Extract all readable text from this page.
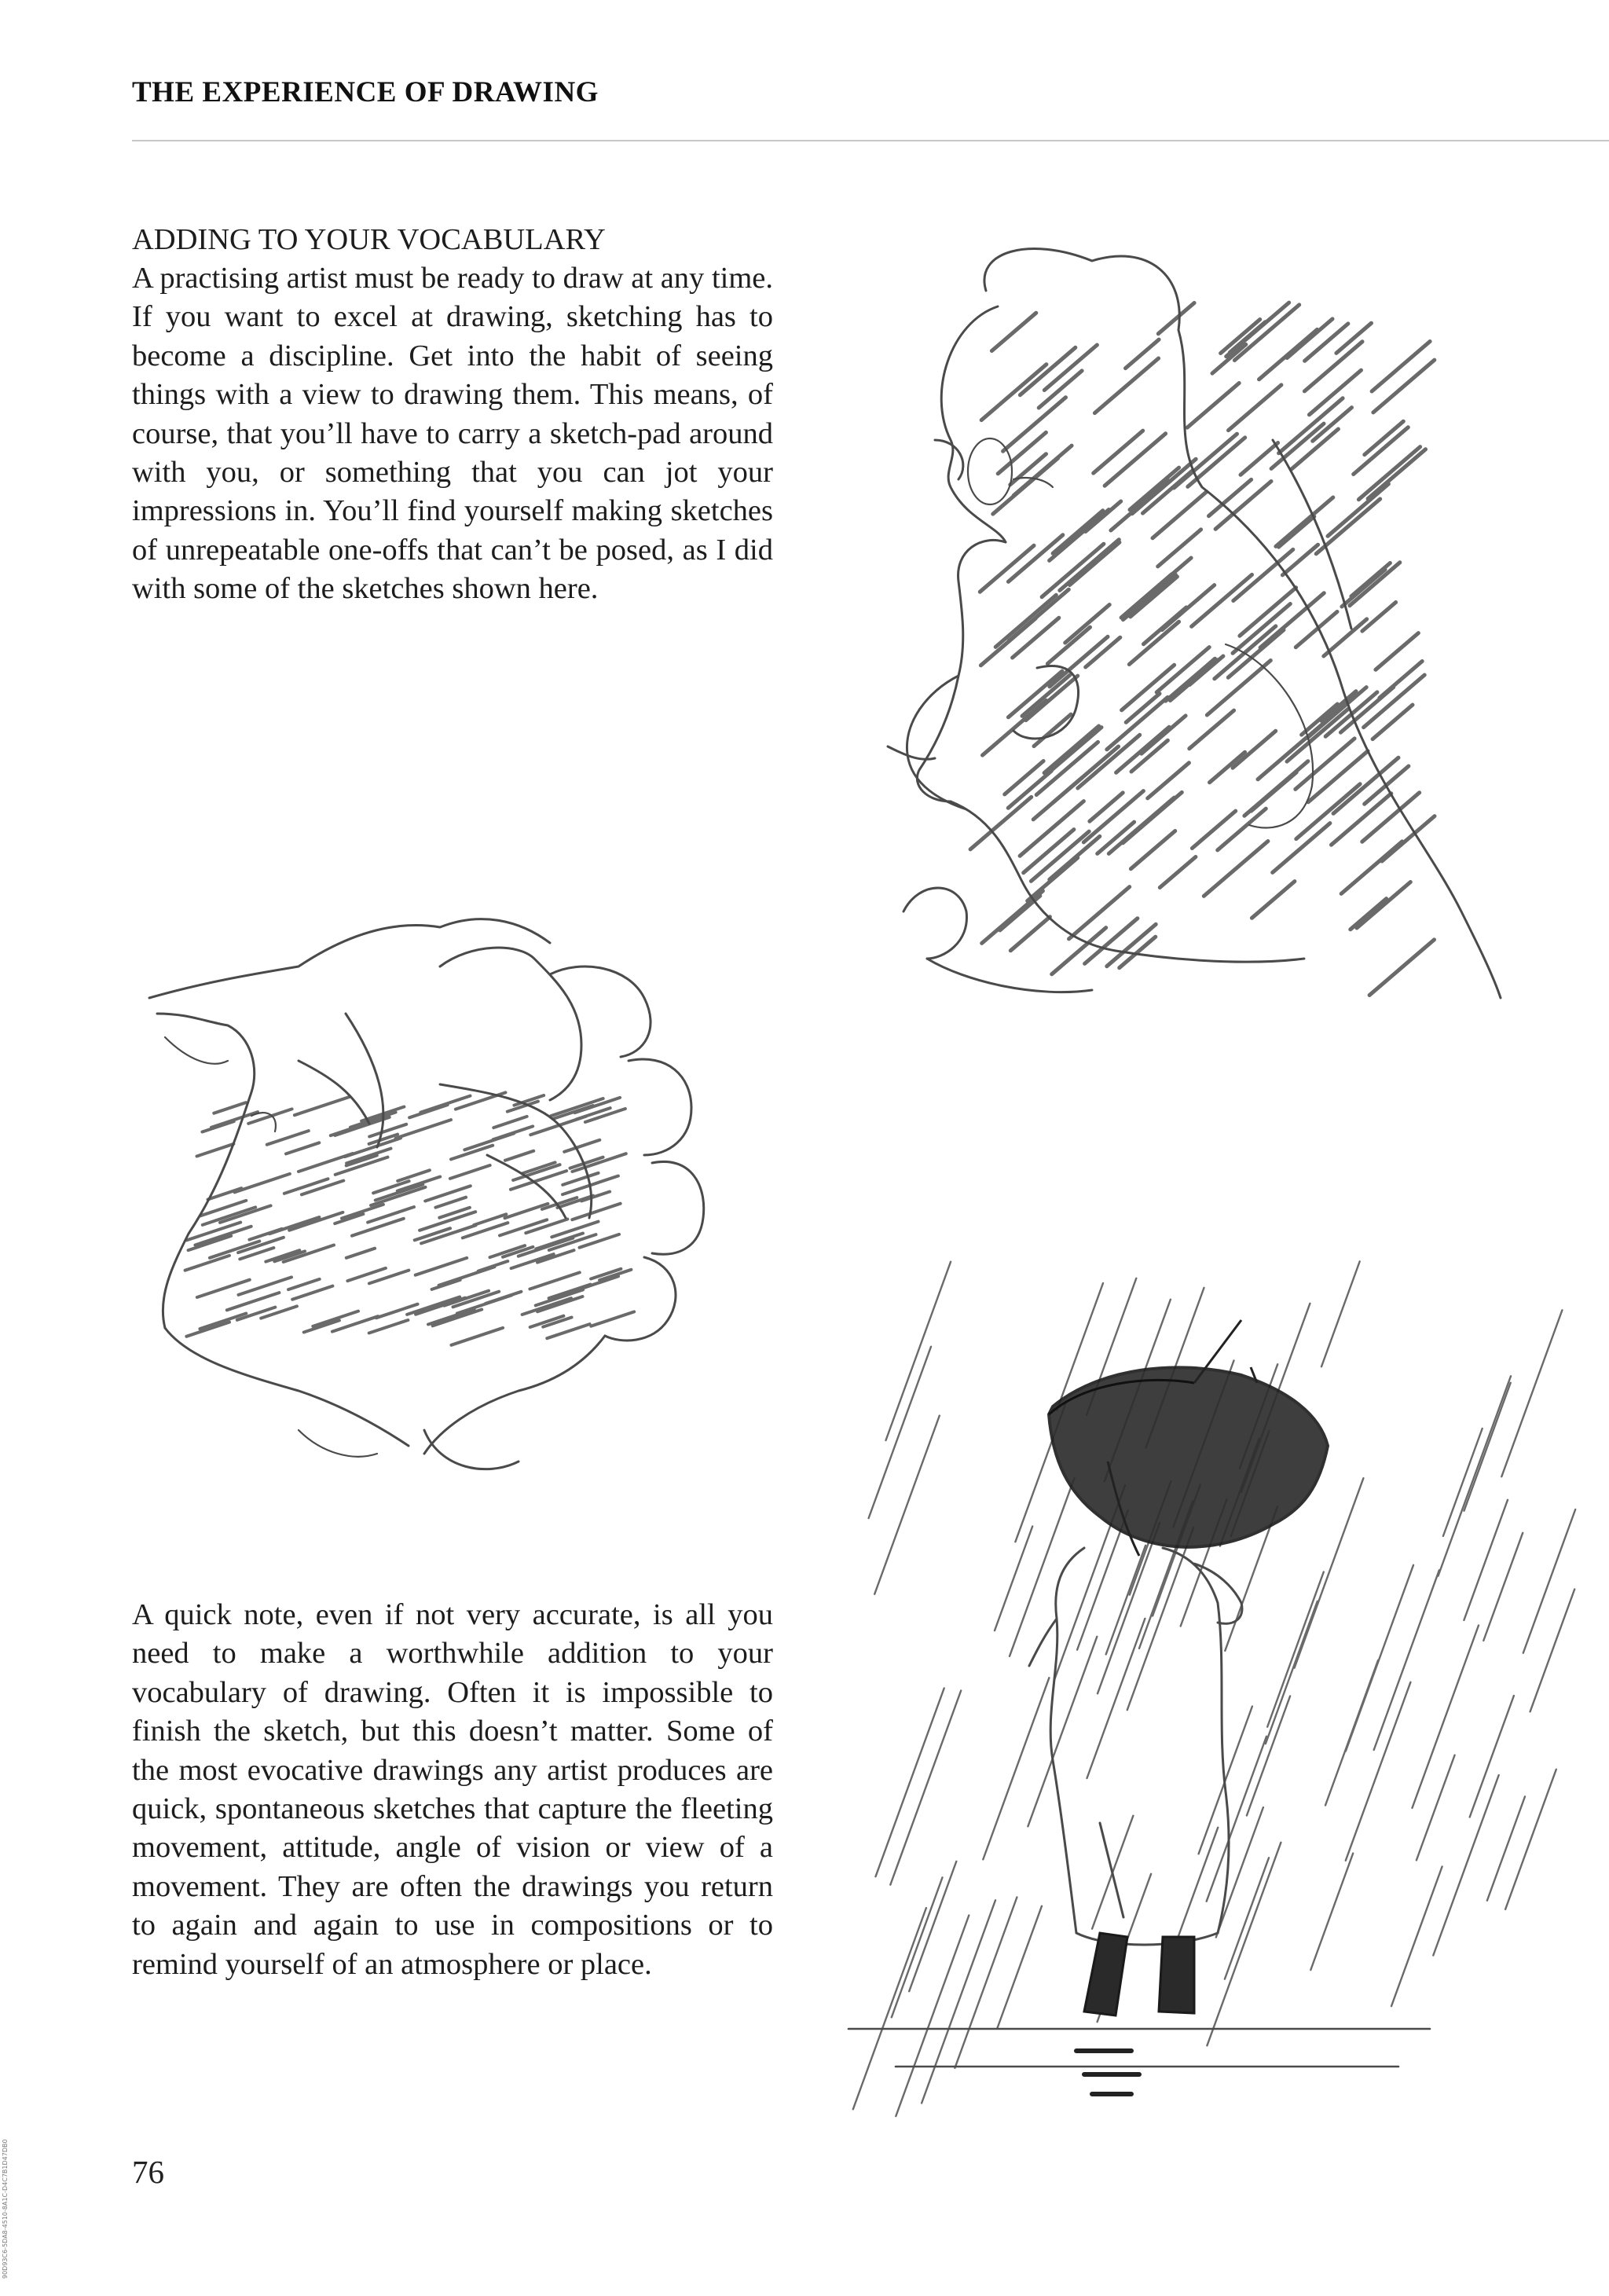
THE EXPERIENCE OF DRAWING

ADDING TO YOUR VOCABULARY

A practising artist must be ready to draw at any time. If you want to excel at drawing, sketching has to become a discipline. Get into the habit of seeing things with a view to drawing them. This means, of course, that you’ll have to carry a sketch-pad around with you, or something that you can jot your impressions in. You’ll find yourself making sketches of unrepeatable one-offs that can’t be posed, as I did with some of the sketches shown here.

A quick note, even if not very accurate, is all you need to make a worthwhile addition to your vocabulary of drawing. Often it is impossible to finish the sketch, but this doesn’t matter. Some of the most evocative drawings any artist produces are quick, spontaneous sketches that capture the fleeting movement, attitude, angle of vision or view of a movement. They are often the drawings you return to again and again to use in compositions or to remind yourself of an atmosphere or place.

76
90D93C6-5DA8-4510-8A1C-D4C7B1D47DB0
